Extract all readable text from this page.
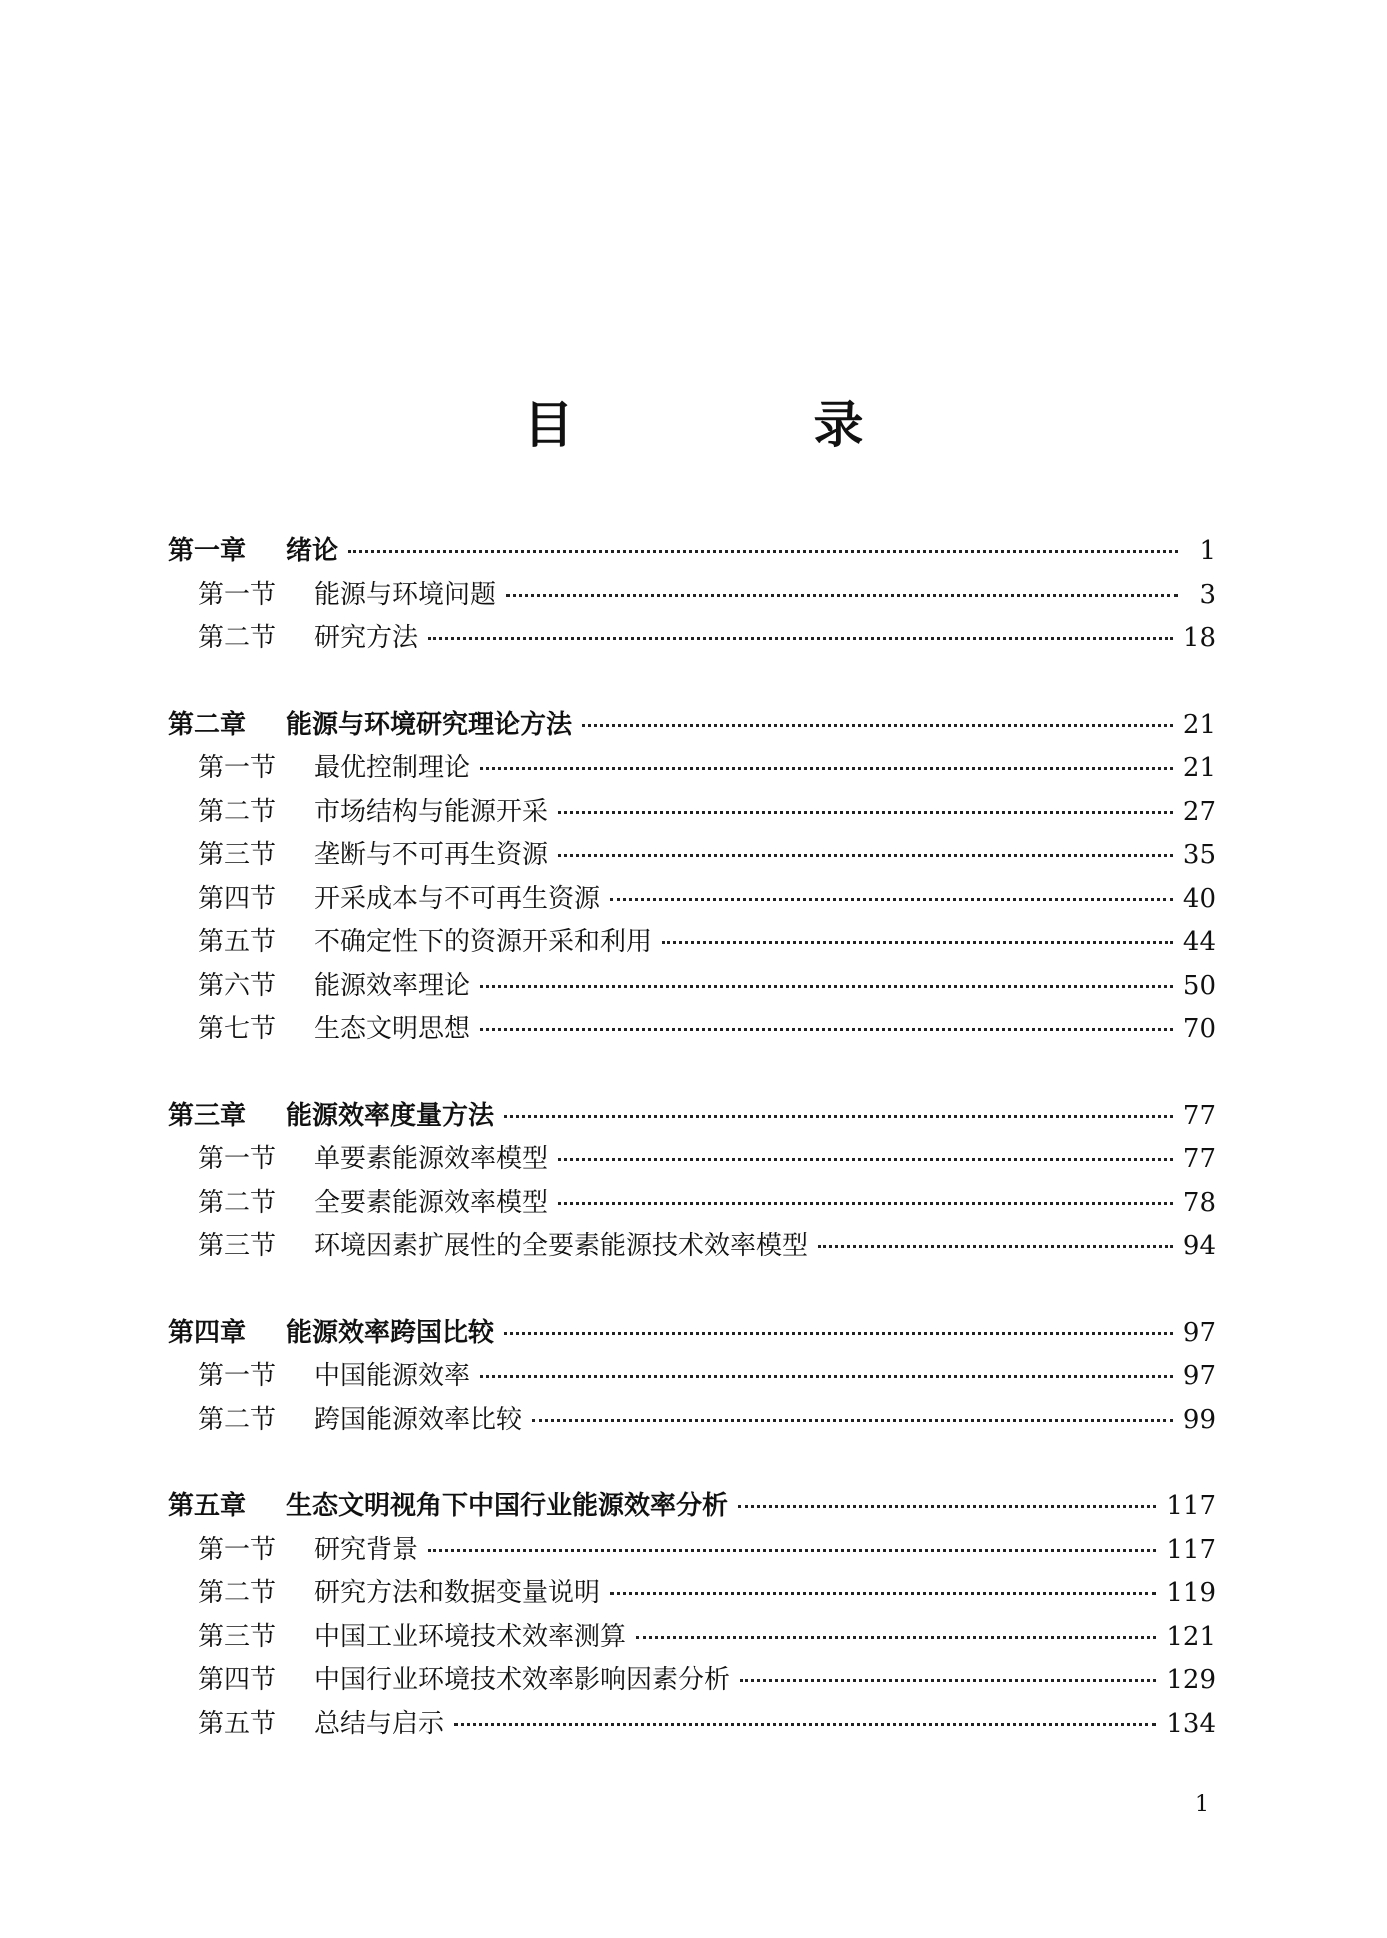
目　录
第一章	绪论	1
第一节	能源与环境问题	3
第二节	研究方法	18
第二章	能源与环境研究理论方法	21
第一节	最优控制理论	21
第二节	市场结构与能源开采	27
第三节	垄断与不可再生资源	35
第四节	开采成本与不可再生资源	40
第五节	不确定性下的资源开采和利用	44
第六节	能源效率理论	50
第七节	生态文明思想	70
第三章	能源效率度量方法	77
第一节	单要素能源效率模型	77
第二节	全要素能源效率模型	78
第三节	环境因素扩展性的全要素能源技术效率模型	94
第四章	能源效率跨国比较	97
第一节	中国能源效率	97
第二节	跨国能源效率比较	99
第五章	生态文明视角下中国行业能源效率分析	117
第一节	研究背景	117
第二节	研究方法和数据变量说明	119
第三节	中国工业环境技术效率测算	121
第四节	中国行业环境技术效率影响因素分析	129
第五节	总结与启示	134
1
